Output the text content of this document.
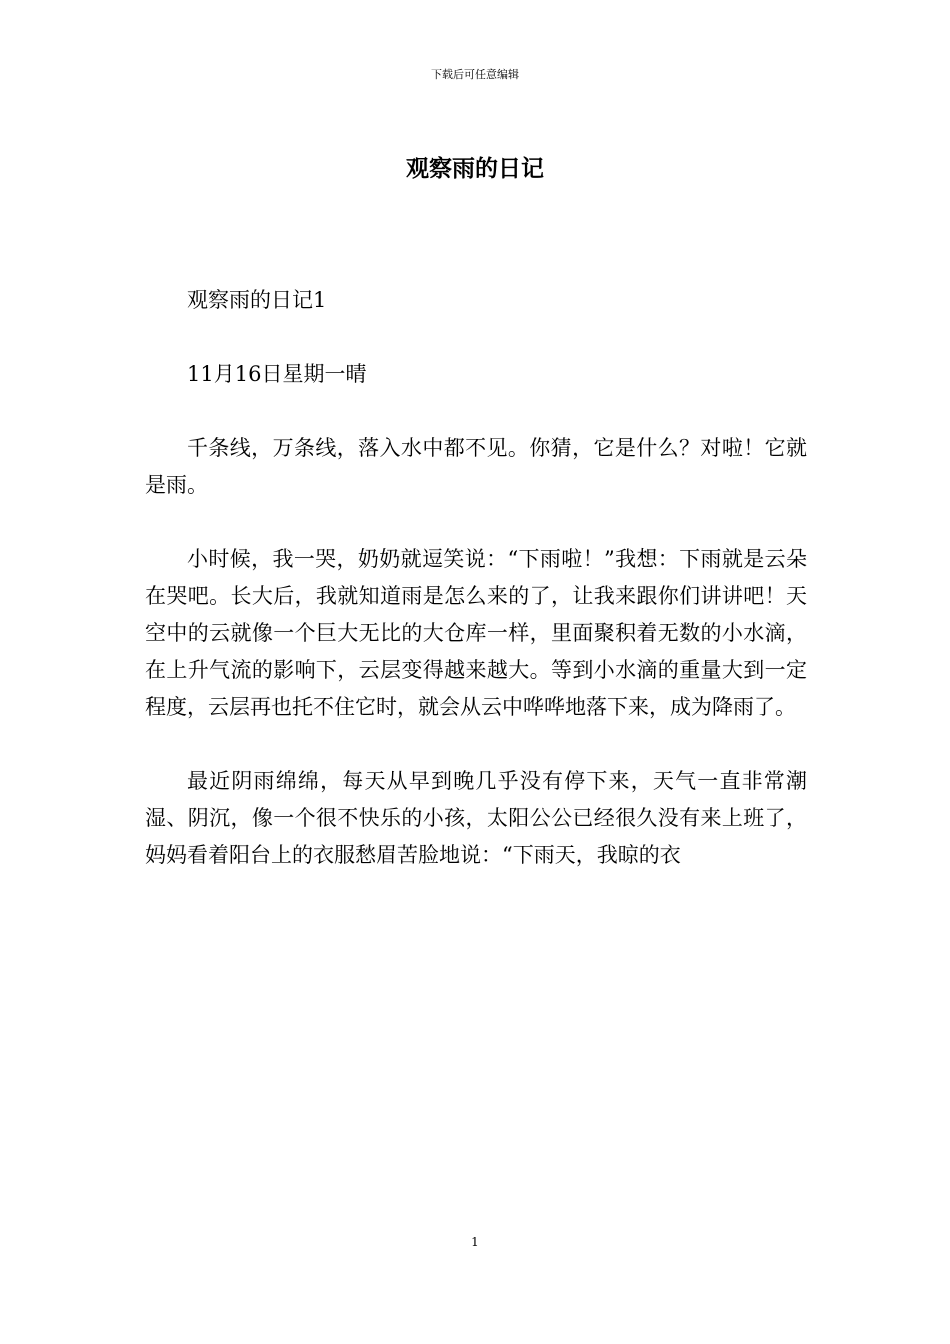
下载后可任意编辑
观察雨的日记

观察雨的日记1

11月16日星期一晴

千条线，万条线，落入水中都不见。你猜，它是什么？对啦！它就是雨。

小时候，我一哭，奶奶就逗笑说：“下雨啦！”我想：下雨就是云朵在哭吧。长大后，我就知道雨是怎么来的了，让我来跟你们讲讲吧！天空中的云就像一个巨大无比的大仓库一样，里面聚积着无数的小水滴，在上升气流的影响下，云层变得越来越大。等到小水滴的重量大到一定程度，云层再也托不住它时，就会从云中哗哗地落下来，成为降雨了。

最近阴雨绵绵，每天从早到晚几乎没有停下来，天气一直非常潮湿、阴沉，像一个很不快乐的小孩，太阳公公已经很久没有来上班了，妈妈看着阳台上的衣服愁眉苦脸地说：“下雨天，我晾的衣

1
